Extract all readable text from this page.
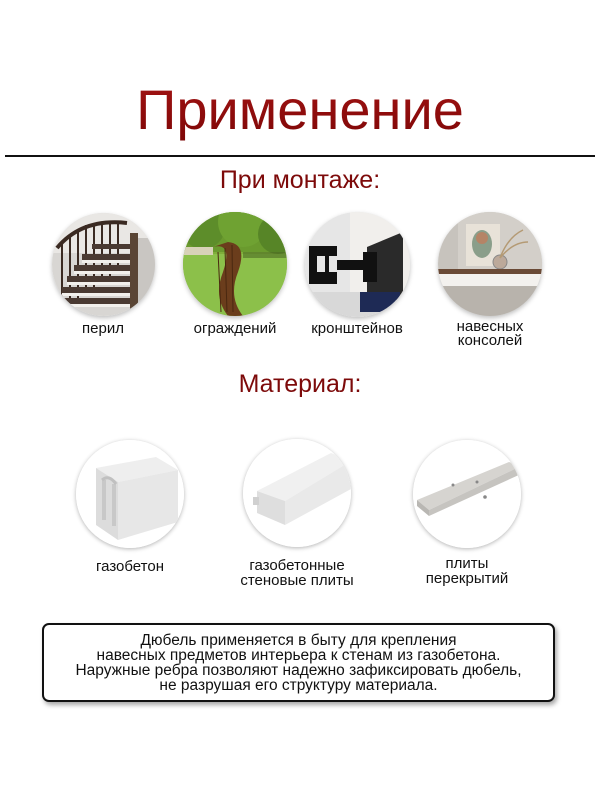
Применение
При монтаже:
перил	ограждений	кронштейнов	навесных
консолей
Материал:
газобетон	газобетонные
стеновые плиты
плиты
перекрытий
Дюбель применяется в быту для крепления
навесных предметов интерьера к стенам из газобетона.
Наружные ребра позволяют надежно зафиксировать дюбель,
не разрушая его структуру материала.
